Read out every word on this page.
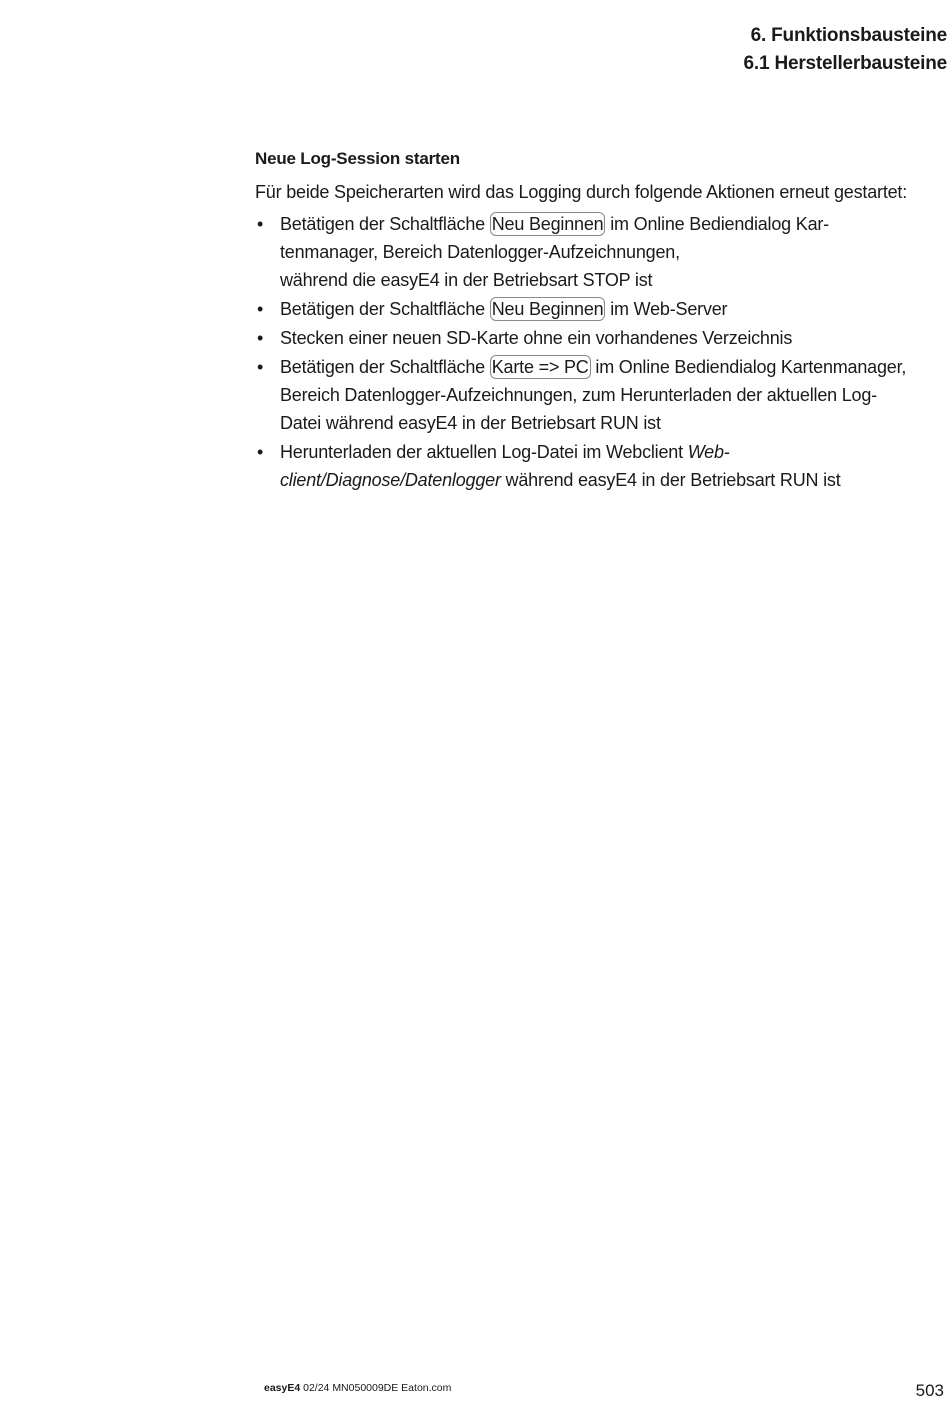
6. Funktionsbausteine
6.1 Herstellerbausteine
Neue Log-Session starten
Für beide Speicherarten wird das Logging durch folgende Aktionen erneut gestartet:
• Betätigen der Schaltfläche Neu Beginnen im Online Bediendialog Kar-
tenmanager, Bereich Datenlogger-Aufzeichnungen,
während die easyE4 in der Betriebsart STOP ist
• Betätigen der Schaltfläche Neu Beginnen im Web-Server
• Stecken einer neuen SD-Karte ohne ein vorhandenes Verzeichnis
• Betätigen der Schaltfläche Karte => PC im Online Bediendialog Kartenmanager,
Bereich Datenlogger-Aufzeichnungen, zum Herunterladen der aktuellen Log-
Datei während easyE4 in der Betriebsart RUN ist
• Herunterladen der aktuellen Log-Datei im Webclient Web-
client/Diagnose/Datenlogger während easyE4 in der Betriebsart RUN ist
easyE4 02/24 MN050009DE Eaton.com	503
